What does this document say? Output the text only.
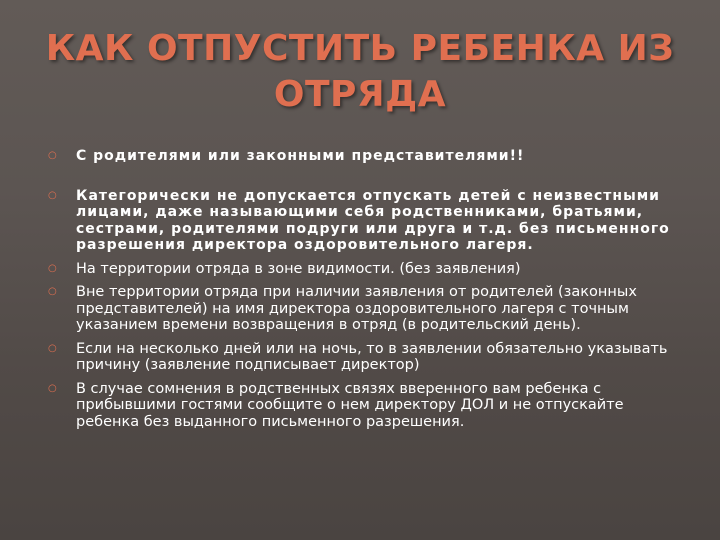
КАК ОТПУСТИТЬ РЕБЕНКА ИЗ ОТРЯДА
○ С родителями или законными представителями!!
○ Категорически не допускается отпускать детей с неизвестными лицами, даже называющими себя родственниками, братьями, сестрами, родителями подруги или друга и т.д. без письменного разрешения директора оздоровительного лагеря.
○ На территории отряда в зоне видимости. (без заявления)
○ Вне территории отряда при наличии заявления от родителей (законных представителей) на имя директора оздоровительного лагеря с точным указанием времени возвращения в отряд (в родительский день).
○ Если на несколько дней или на ночь, то в заявлении обязательно указывать причину (заявление подписывает директор)
○ В случае сомнения в родственных связях вверенного вам ребенка с прибывшими гостями сообщите о нем директору ДОЛ и не отпускайте ребенка без выданного письменного разрешения.
